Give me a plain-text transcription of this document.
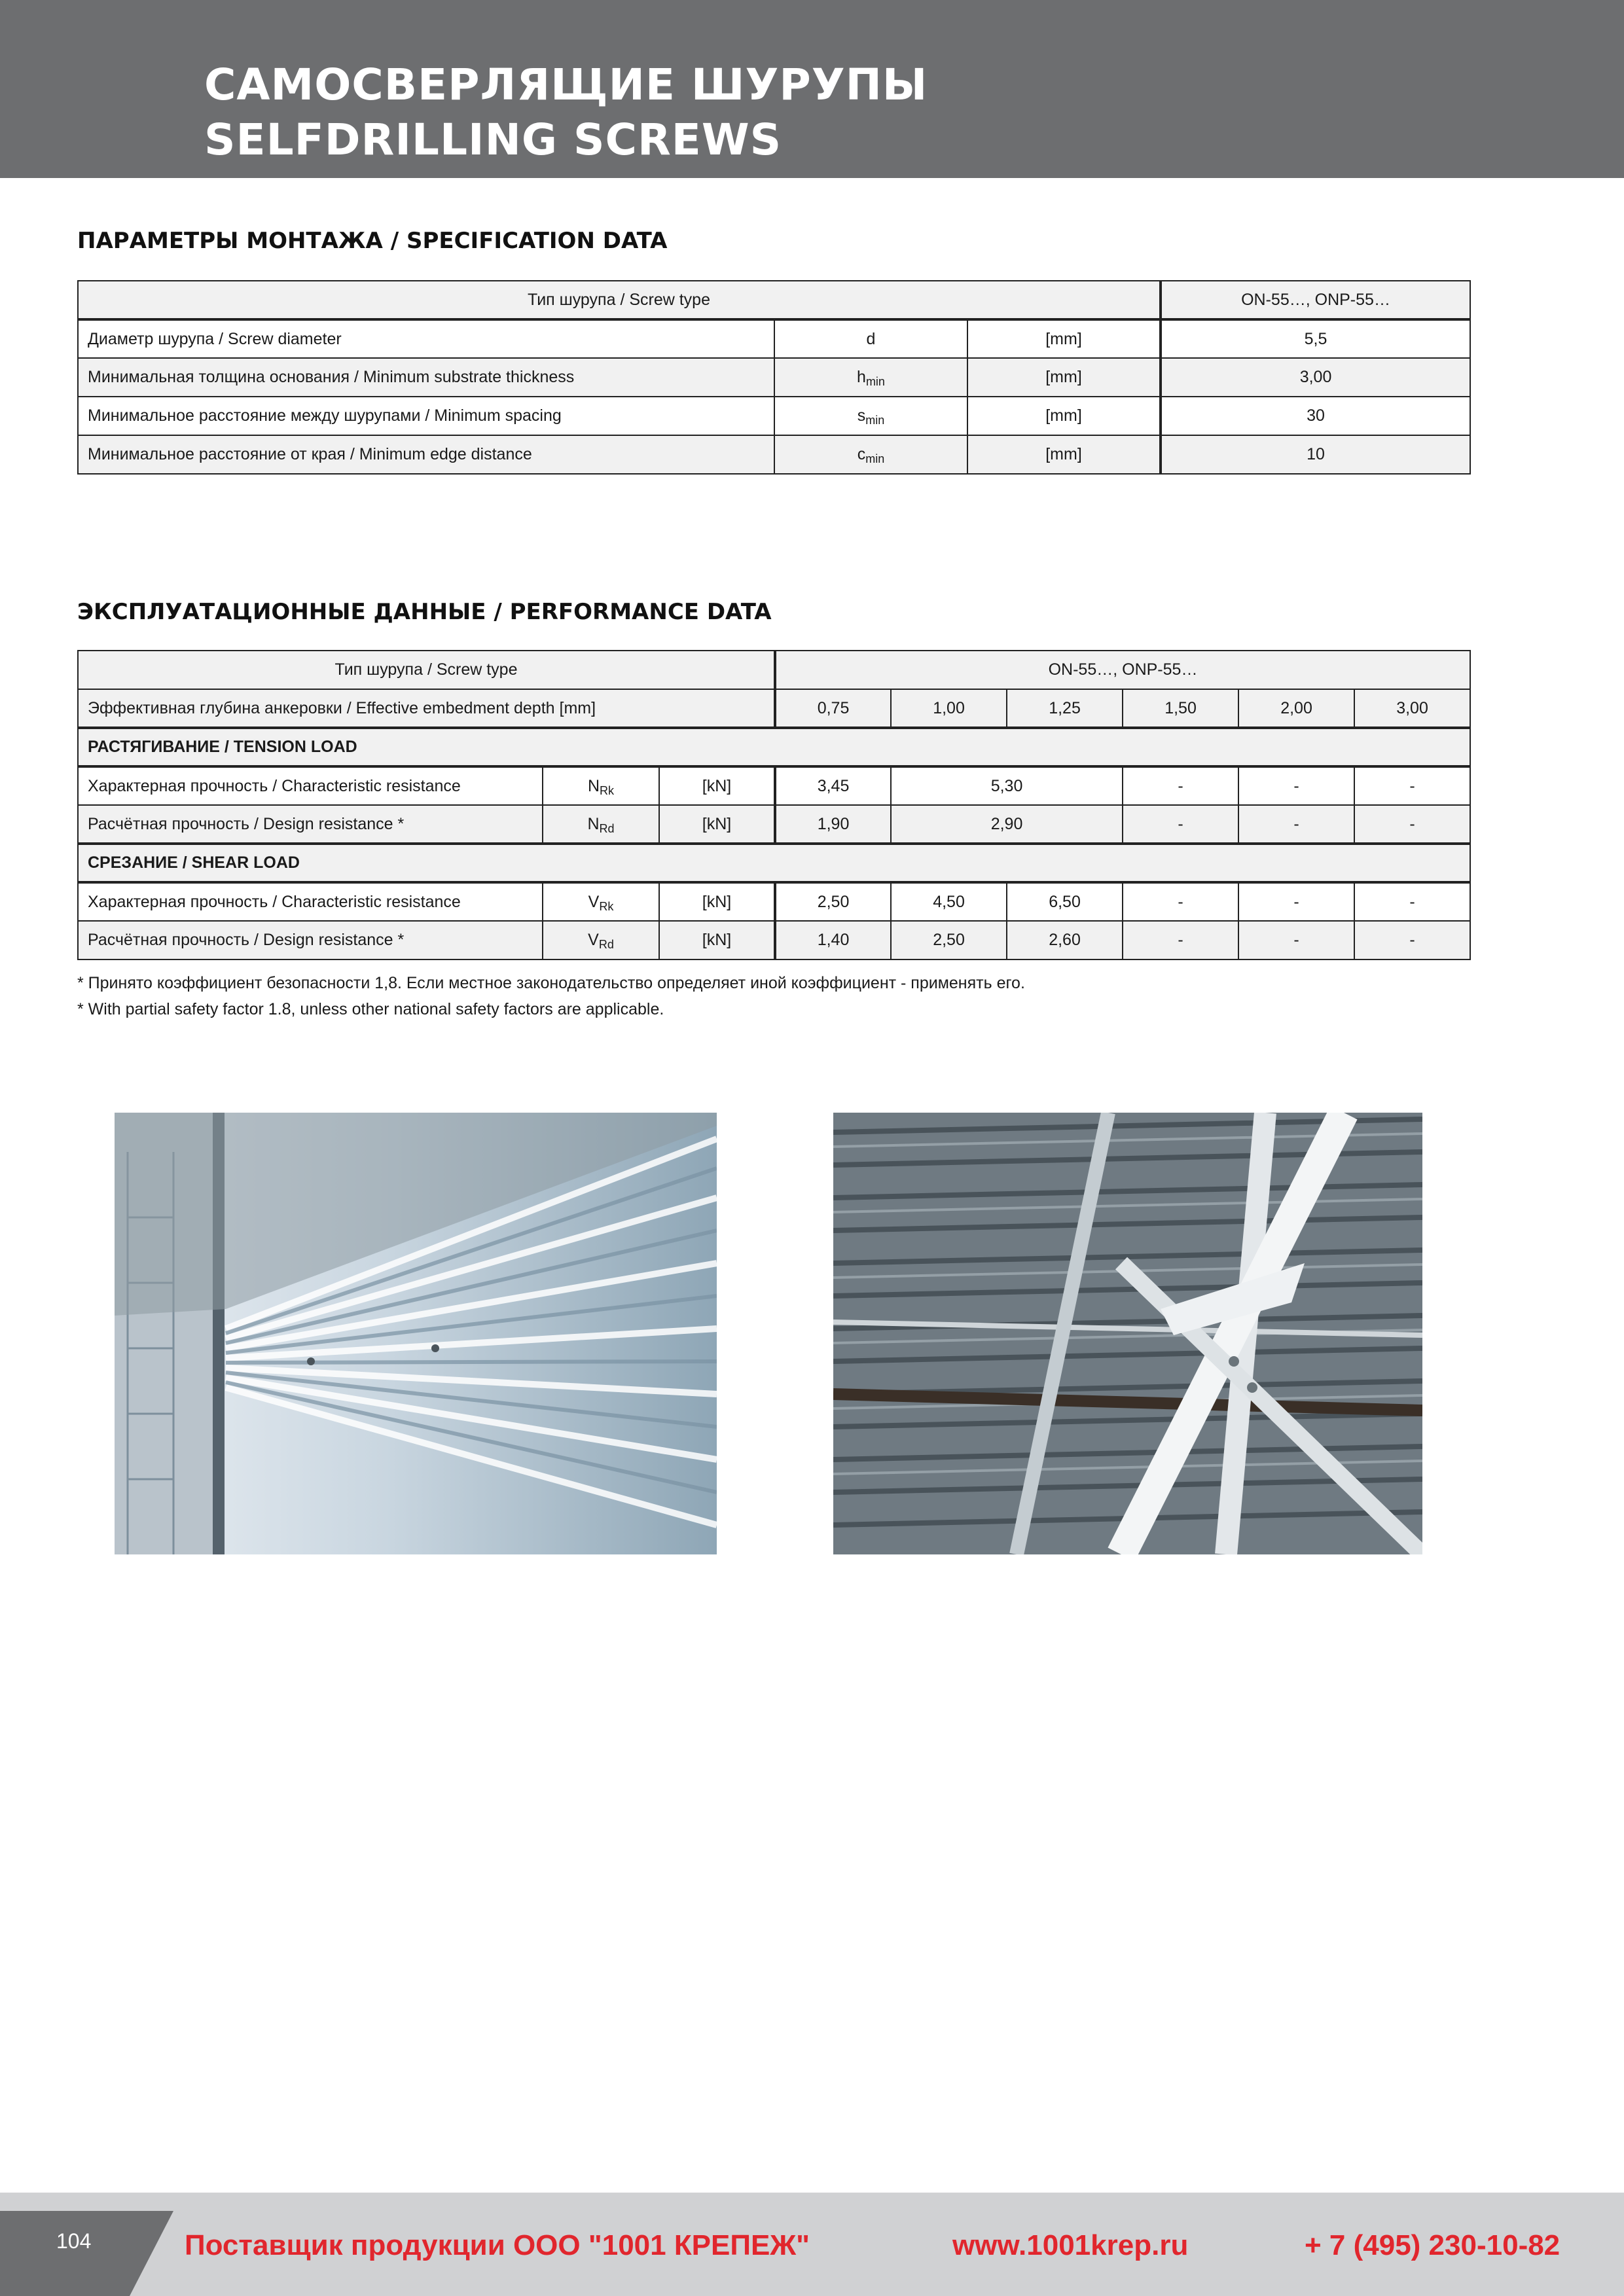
САМОСВЕРЛЯЩИЕ ШУРУПЫ
SELFDRILLING SCREWS
ПАРАМЕТРЫ МОНТАЖА / SPECIFICATION DATA
Тип шурупа / Screw type			ON-55…, ONP-55…
Диаметр шурупа / Screw diameter	d	[mm]	5,5
Минимальная толщина основания / Minimum substrate thickness	$h_{min}$	[mm]	3,00
Минимальное расстояние между шурупами / Minimum spacing	$s_{min}$	[mm]	30
Минимальное расстояние от края / Minimum edge distance	$c_{min}$	[mm]	10
ЭКСПЛУАТАЦИОННЫЕ ДАННЫЕ / PERFORMANCE DATA
Тип шурупа / Screw type			ON-55…, ONP-55…					
Эффективная глубина анкеровки / Effective embedment depth [mm]			0,75	1,00	1,25	1,50	2,00	3,00
РАСТЯГИВАНИЕ / TENSION LOAD								
Характерная прочность / Characteristic resistance	$N_{Rk}$	[kN]	3,45	5,30		-	-	-
Расчётная прочность / Design resistance *	$N_{Rd}$	[kN]	1,90	2,90		-	-	-
СРЕЗАНИЕ / SHEAR LOAD								
Характерная прочность / Characteristic resistance	$V_{Rk}$	[kN]	2,50	4,50	6,50	-	-	-
Расчётная прочность / Design resistance *	$V_{Rd}$	[kN]	1,40	2,50	2,60	-	-	-
* Принято коэффициент безопасности 1,8. Если местное законодательство определяет иной коэффициент - применять его.
* With partial safety factor 1.8, unless other national safety factors are applicable.
104	Поставщик продукции ООО "1001 КРЕПЕЖ"	www.1001krep.ru	+ 7 (495) 230-10-82
